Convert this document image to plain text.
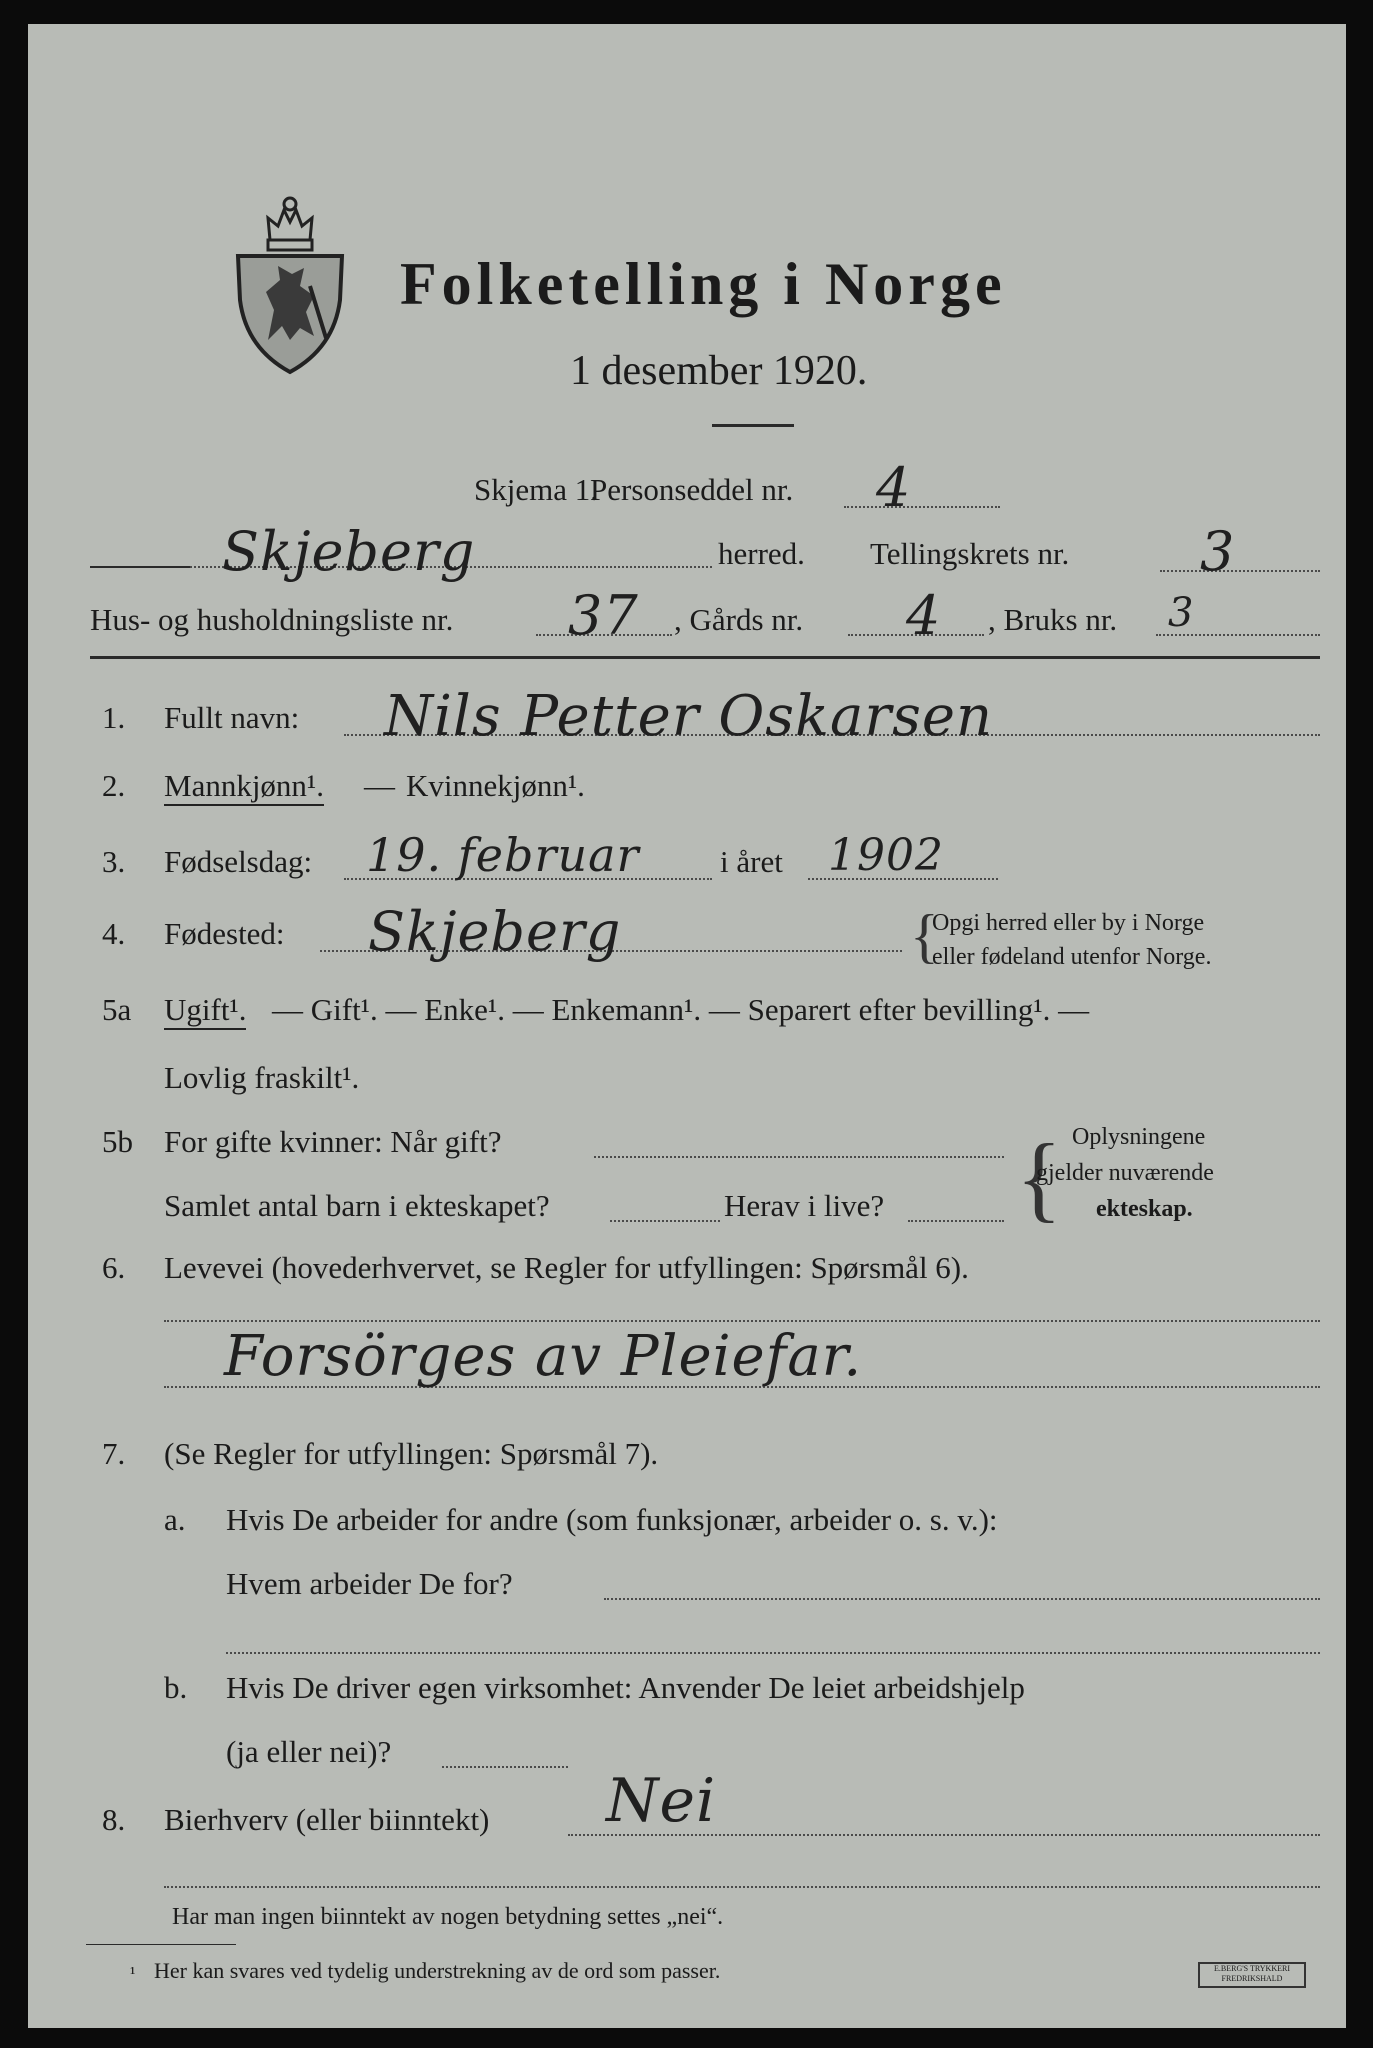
Folketelling i Norge
1 desember 1920.
Skjema 1.
Personseddel nr. 4
Skjeberg	herred. Tellingskrets nr. 3
Hus- og husholdningsliste nr. 37 , Gårds nr. 4 , Bruks nr. 3
1. Fullt navn: Nils Petter Oskarsen
2. Mannkjønn¹. — Kvinnekjønn¹.
3. Fødselsdag: 19. februar	i året 1902
4. Fødested: Skjeberg	{
Opgi herred eller by i Norge
eller fødeland utenfor Norge.
5a Ugift¹. — Gift¹. — Enke¹. — Enkemann¹. — Separert efter bevilling¹. —
Lovlig fraskilt¹.
5b For gifte kvinner: Når gift?
Samlet antal barn i ekteskapet?	Herav i live? { Oplysningene
gjelder nuværende
ekteskap.
6. Levevei (hovederhvervet, se Regler for utfyllingen: Spørsmål 6).
Forsörges av Pleiefar.
7. (Se Regler for utfyllingen: Spørsmål 7).
a. Hvis De arbeider for andre (som funksjonær, arbeider o. s. v.):
Hvem arbeider De for?
b. Hvis De driver egen virksomhet: Anvender De leiet arbeidshjelp
(ja eller nei)?
8. Bierhverv (eller biinntekt) Nei
Har man ingen biinntekt av nogen betydning settes „nei“.
¹ Her kan svares ved tydelig understrekning av de ord som passer.	E.BERG'S TRYKKERI
FREDRIKSHALD
